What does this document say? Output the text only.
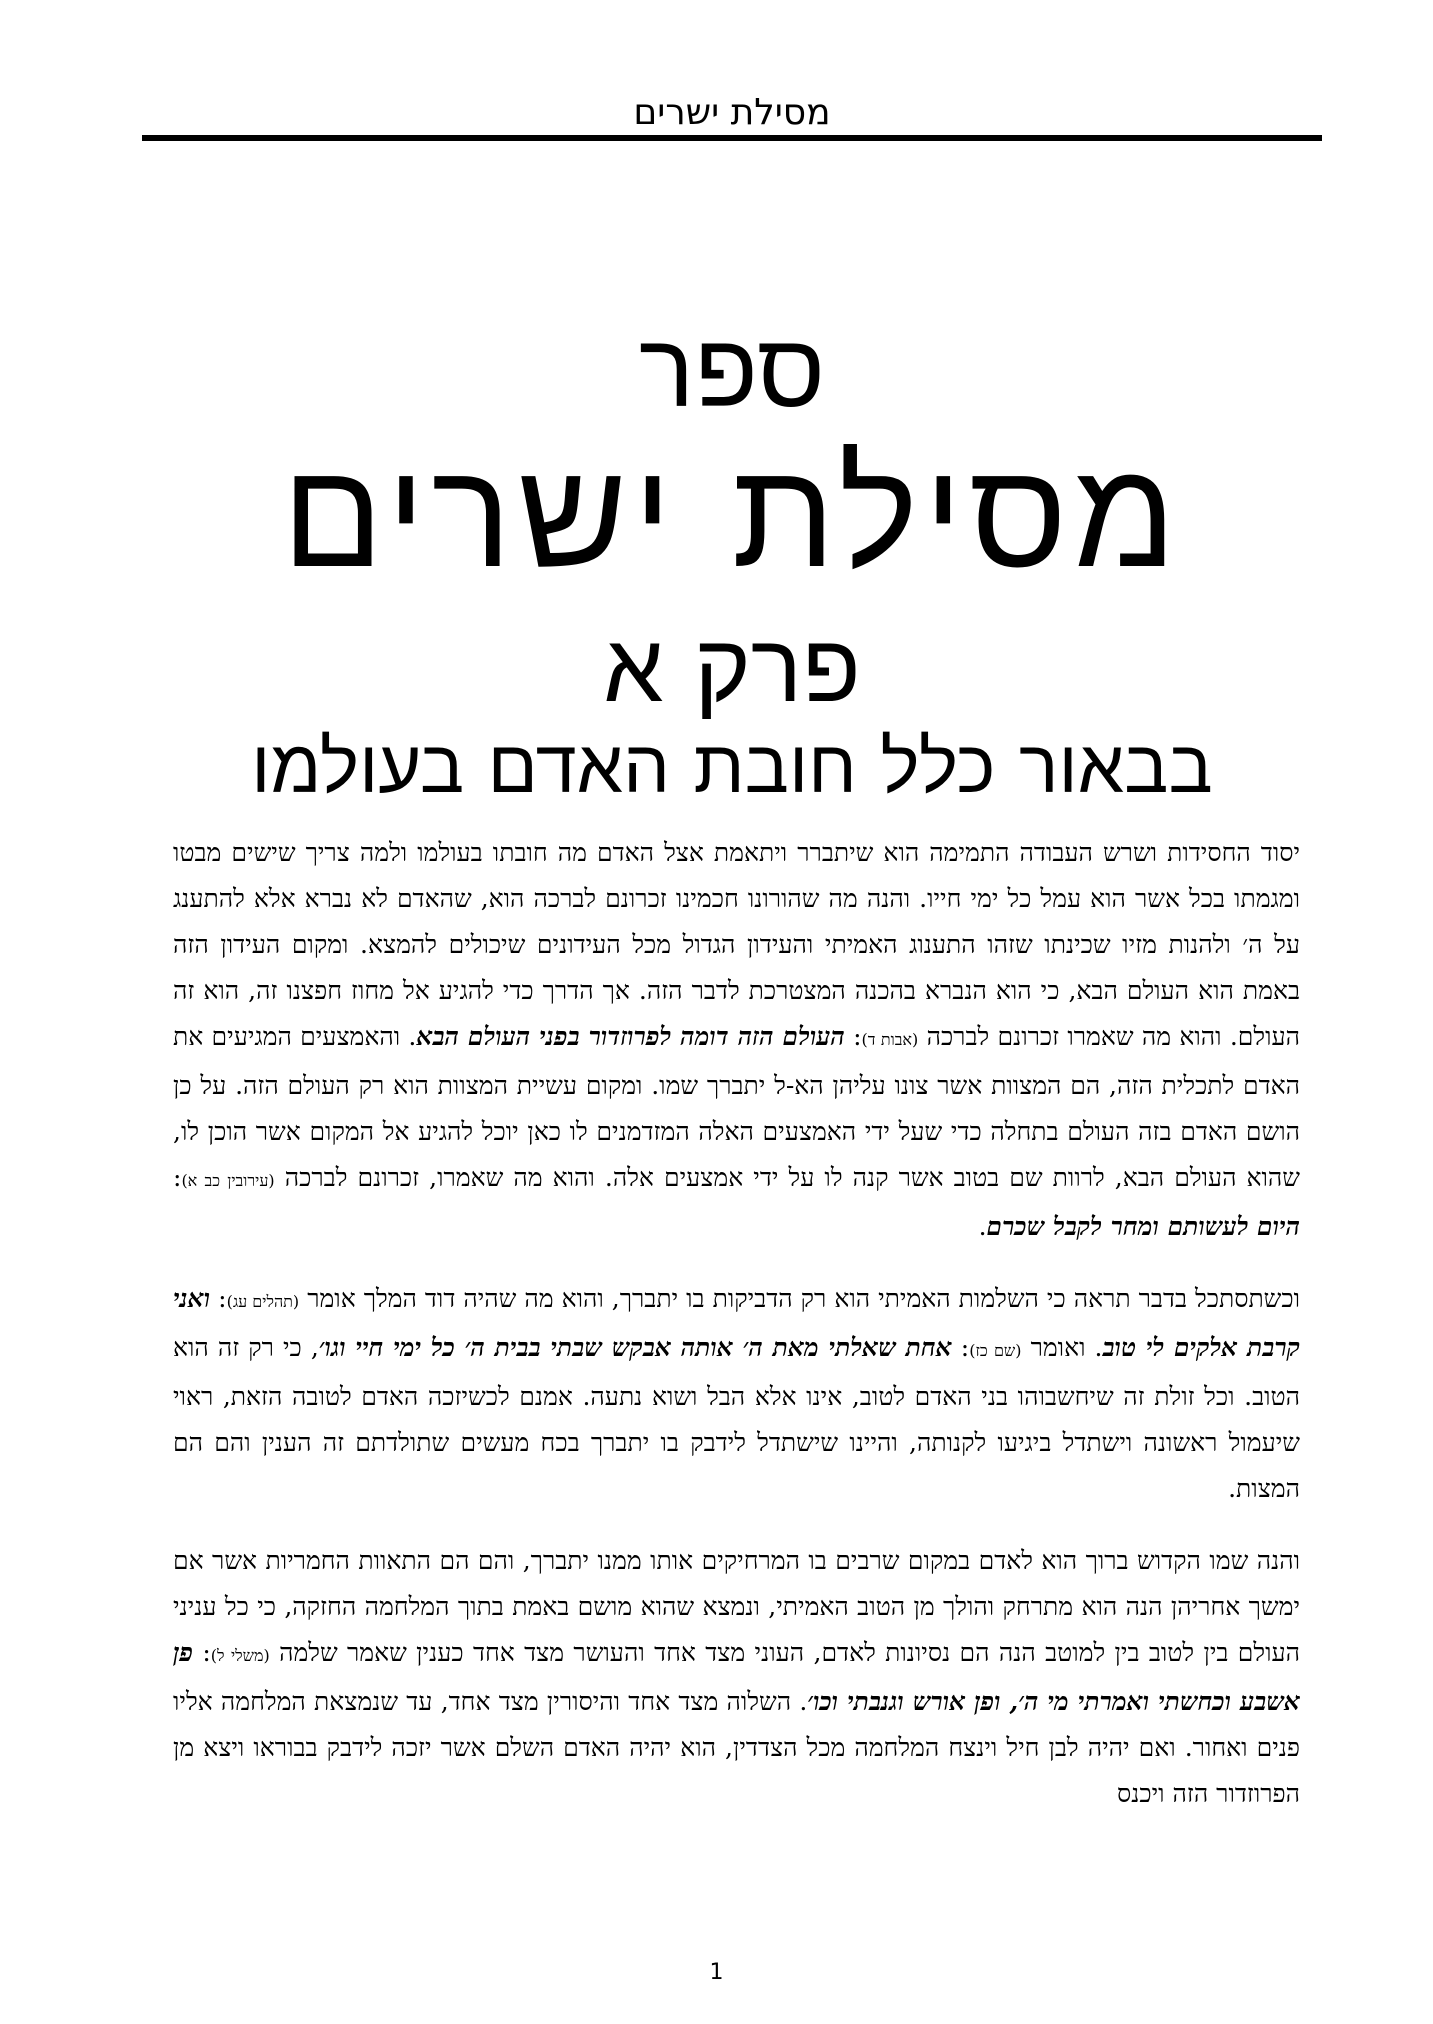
מסילת ישרים
ספר
מסילת ישרים
פרק א
בבאור כלל חובת האדם בעולמו

יסוד החסידות ושרש העבודה התמימה הוא שיתברר ויתאמת אצל האדם מה חובתו בעולמו ולמה צריך שישים מבטו ומגמתו בכל אשר הוא עמל כל ימי חייו. והנה מה שהורונו חכמינו זכרונם לברכה הוא, שהאדם לא נברא אלא להתענג על ה׳ ולהנות מזיו שכינתו שזהו התענוג האמיתי והעידון הגדול מכל העידונים שיכולים להמצא. ומקום העידון הזה באמת הוא העולם הבא, כי הוא הנברא בהכנה המצטרכת לדבר הזה. אך הדרך כדי להגיע אל מחוז חפצנו זה, הוא זה העולם. והוא מה שאמרו זכרונם לברכה (אבות ד): העולם הזה דומה לפרוזדור בפני העולם הבא. והאמצעים המגיעים את האדם לתכלית הזה, הם המצוות אשר צונו עליהן הא-ל יתברך שמו. ומקום עשיית המצוות הוא רק העולם הזה. על כן הושם האדם בזה העולם בתחלה כדי שעל ידי האמצעים האלה המזדמנים לו כאן יוכל להגיע אל המקום אשר הוכן לו, שהוא העולם הבא, לרוות שם בטוב אשר קנה לו על ידי אמצעים אלה. והוא מה שאמרו, זכרונם לברכה (עירובין כב א): היום לעשותם ומחר לקבל שכרם.

וכשתסתכל בדבר תראה כי השלמות האמיתי הוא רק הדביקות בו יתברך, והוא מה שהיה דוד המלך אומר (תהלים עג): ואני קרבת אלקים לי טוב. ואומר (שם כז): אחת שאלתי מאת ה׳ אותה אבקש שבתי בבית ה׳ כל ימי חיי וגו׳, כי רק זה הוא הטוב. וכל זולת זה שיחשבוהו בני האדם לטוב, אינו אלא הבל ושוא נתעה. אמנם לכשיזכה האדם לטובה הזאת, ראוי שיעמול ראשונה וישתדל ביגיעו לקנותה, והיינו שישתדל לידבק בו יתברך בכח מעשים שתולדתם זה הענין והם הם המצות.

והנה שמו הקדוש ברוך הוא לאדם במקום שרבים בו המרחיקים אותו ממנו יתברך, והם הם התאוות החמריות אשר אם ימשך אחריהן הנה הוא מתרחק והולך מן הטוב האמיתי, ונמצא שהוא מושם באמת בתוך המלחמה החזקה, כי כל עניני העולם בין לטוב בין למוטב הנה הם נסיונות לאדם, העוני מצד אחד והעושר מצד אחד כענין שאמר שלמה (משלי ל): פן אשבע וכחשתי ואמרתי מי ה׳, ופן אורש וגנבתי וכו׳. השלוה מצד אחד והיסורין מצד אחד, עד שנמצאת המלחמה אליו פנים ואחור. ואם יהיה לבן חיל וינצח המלחמה מכל הצדדין, הוא יהיה האדם השלם אשר יזכה לידבק בבוראו ויצא מן הפרוזדור הזה ויכנס

1
